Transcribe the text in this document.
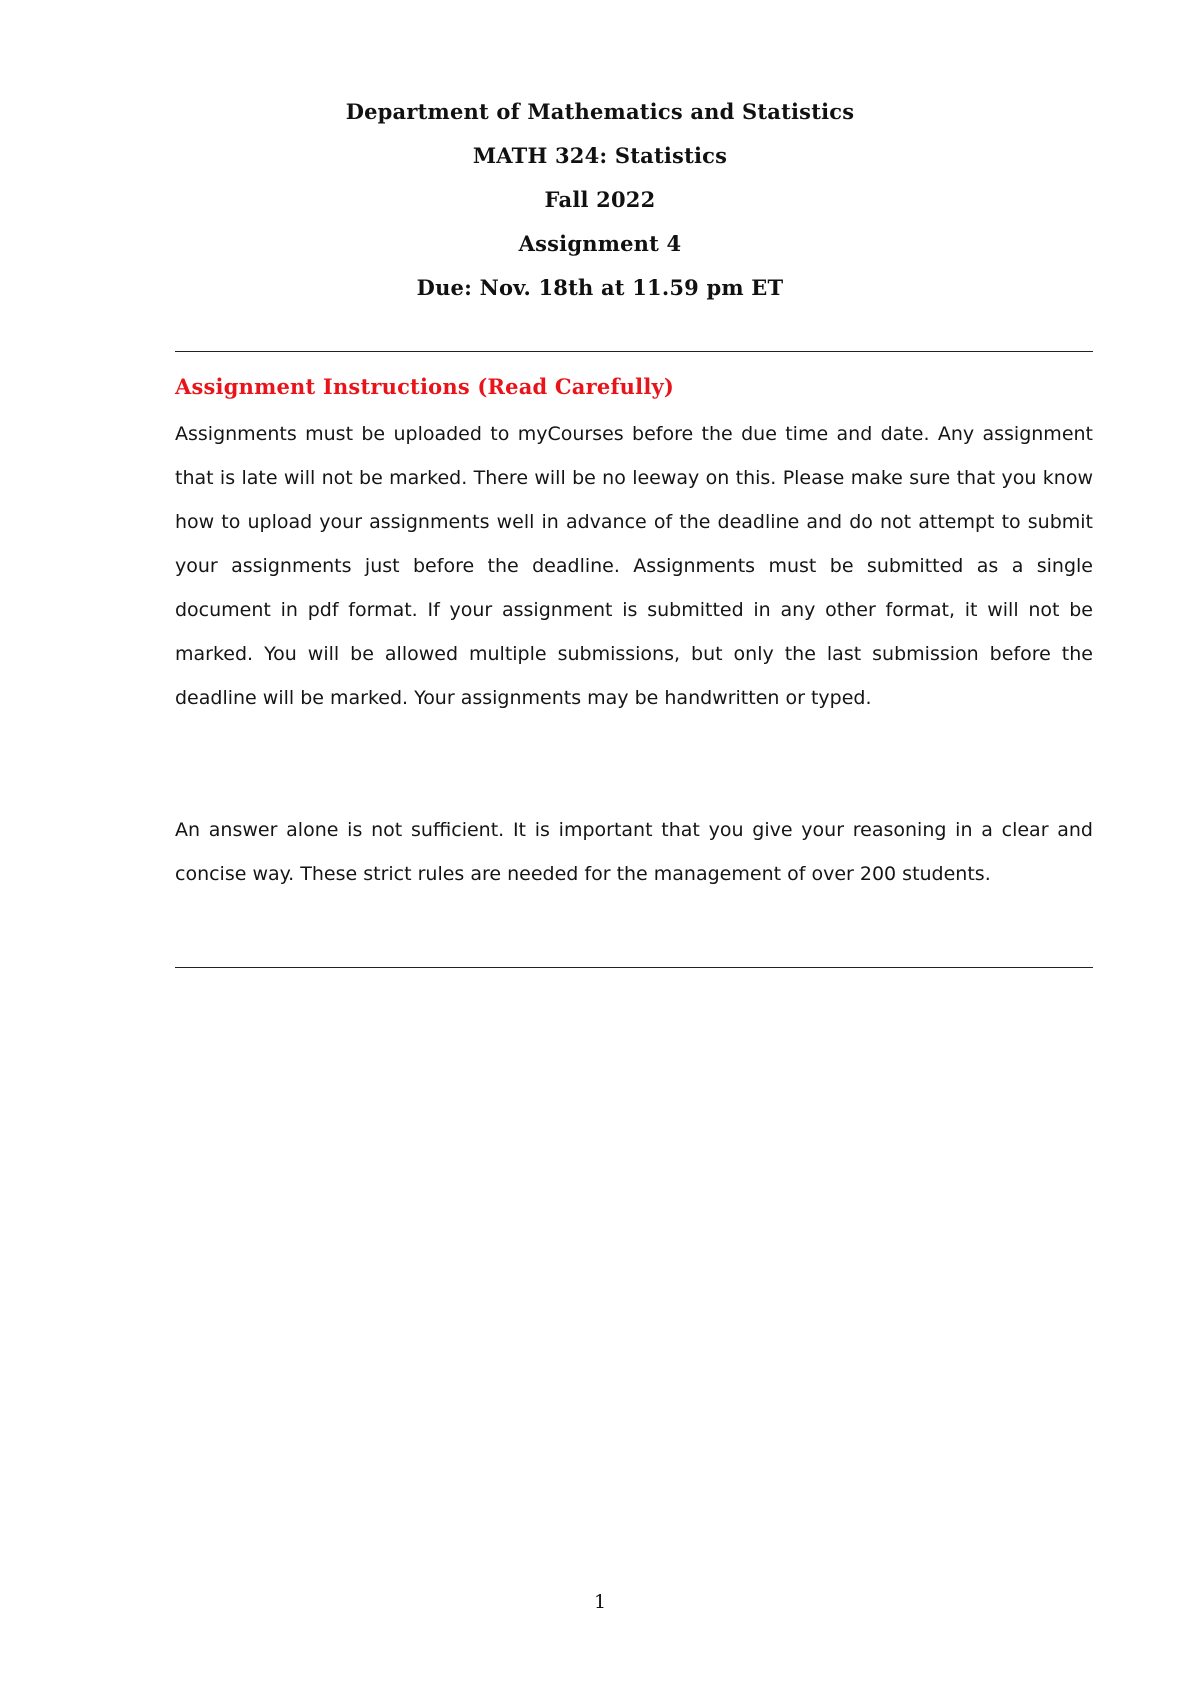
Department of Mathematics and Statistics
MATH 324: Statistics
Fall 2022
Assignment 4
Due: Nov. 18th at 11.59 pm ET
Assignment Instructions (Read Carefully)

Assignments must be uploaded to myCourses before the due time and date. Any assignment that is late will not be marked. There will be no leeway on this. Please make sure that you know how to upload your assignments well in advance of the deadline and do not attempt to submit your assignments just before the deadline. Assignments must be submitted as a single document in pdf format. If your assignment is submitted in any other format, it will not be marked. You will be allowed multiple submissions, but only the last submission before the deadline will be marked. Your assignments may be handwritten or typed.

An answer alone is not sufficient. It is important that you give your reasoning in a clear and concise way. These strict rules are needed for the management of over 200 students.

1
